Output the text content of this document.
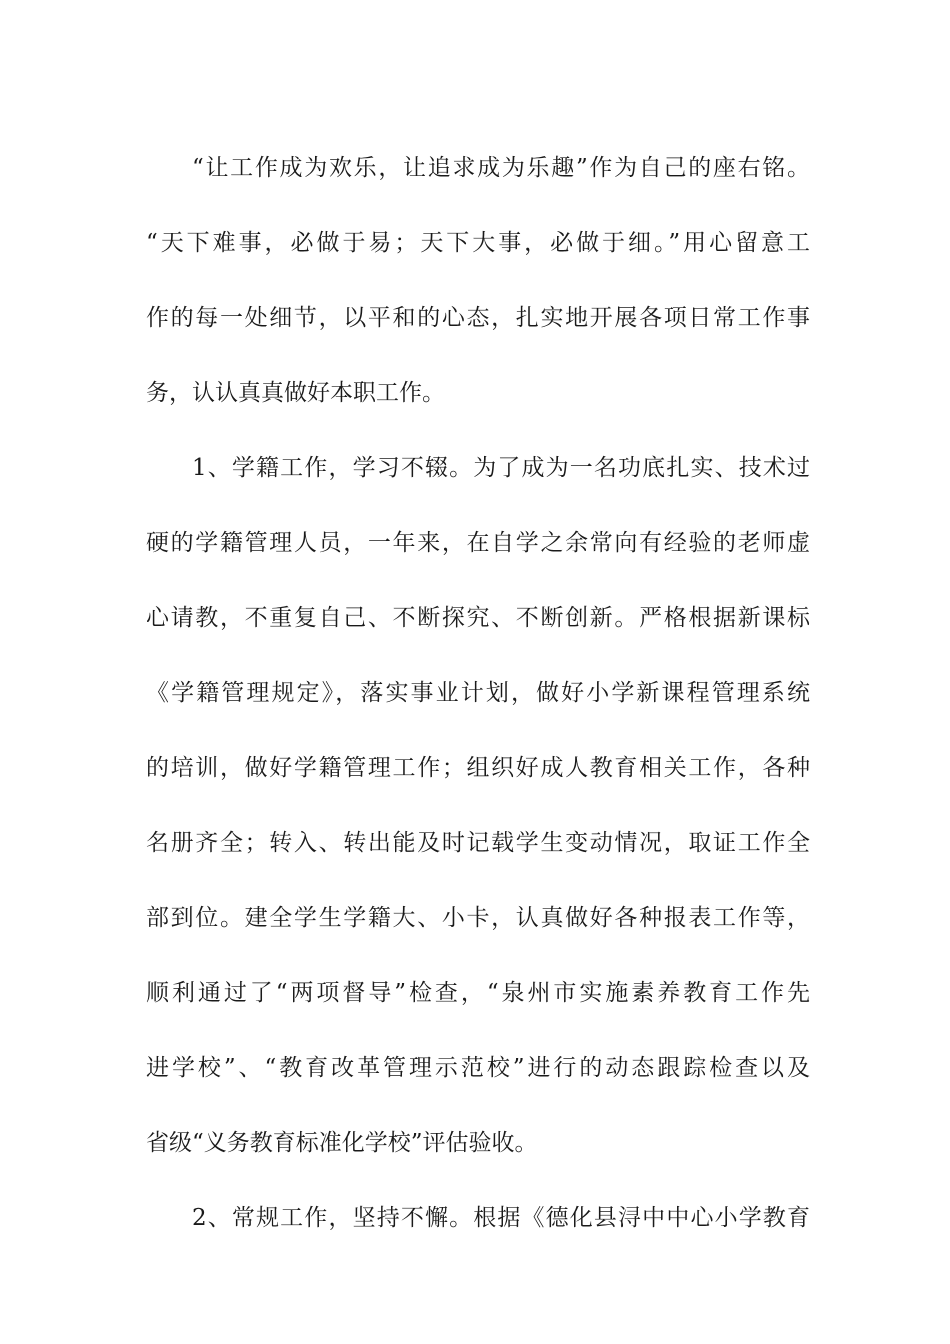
“让工作成为欢乐，让追求成为乐趣”作为自己的座右铭。
“天下难事，必做于易；天下大事，必做于细。”用心留意工
作的每一处细节，以平和的心态，扎实地开展各项日常工作事
务，认认真真做好本职工作。
1、学籍工作，学习不辍。为了成为一名功底扎实、技术过
硬的学籍管理人员，一年来，在自学之余常向有经验的老师虚
心请教，不重复自己、不断探究、不断创新。严格根据新课标
《学籍管理规定》，落实事业计划，做好小学新课程管理系统
的培训，做好学籍管理工作；组织好成人教育相关工作，各种
名册齐全；转入、转出能及时记载学生变动情况，取证工作全
部到位。建全学生学籍大、小卡，认真做好各种报表工作等，
顺利通过了“两项督导”检查，“泉州市实施素养教育工作先
进学校”、“教育改革管理示范校”进行的动态跟踪检查以及
省级“义务教育标准化学校”评估验收。
2、常规工作，坚持不懈。根据《德化县浔中中心小学教育
